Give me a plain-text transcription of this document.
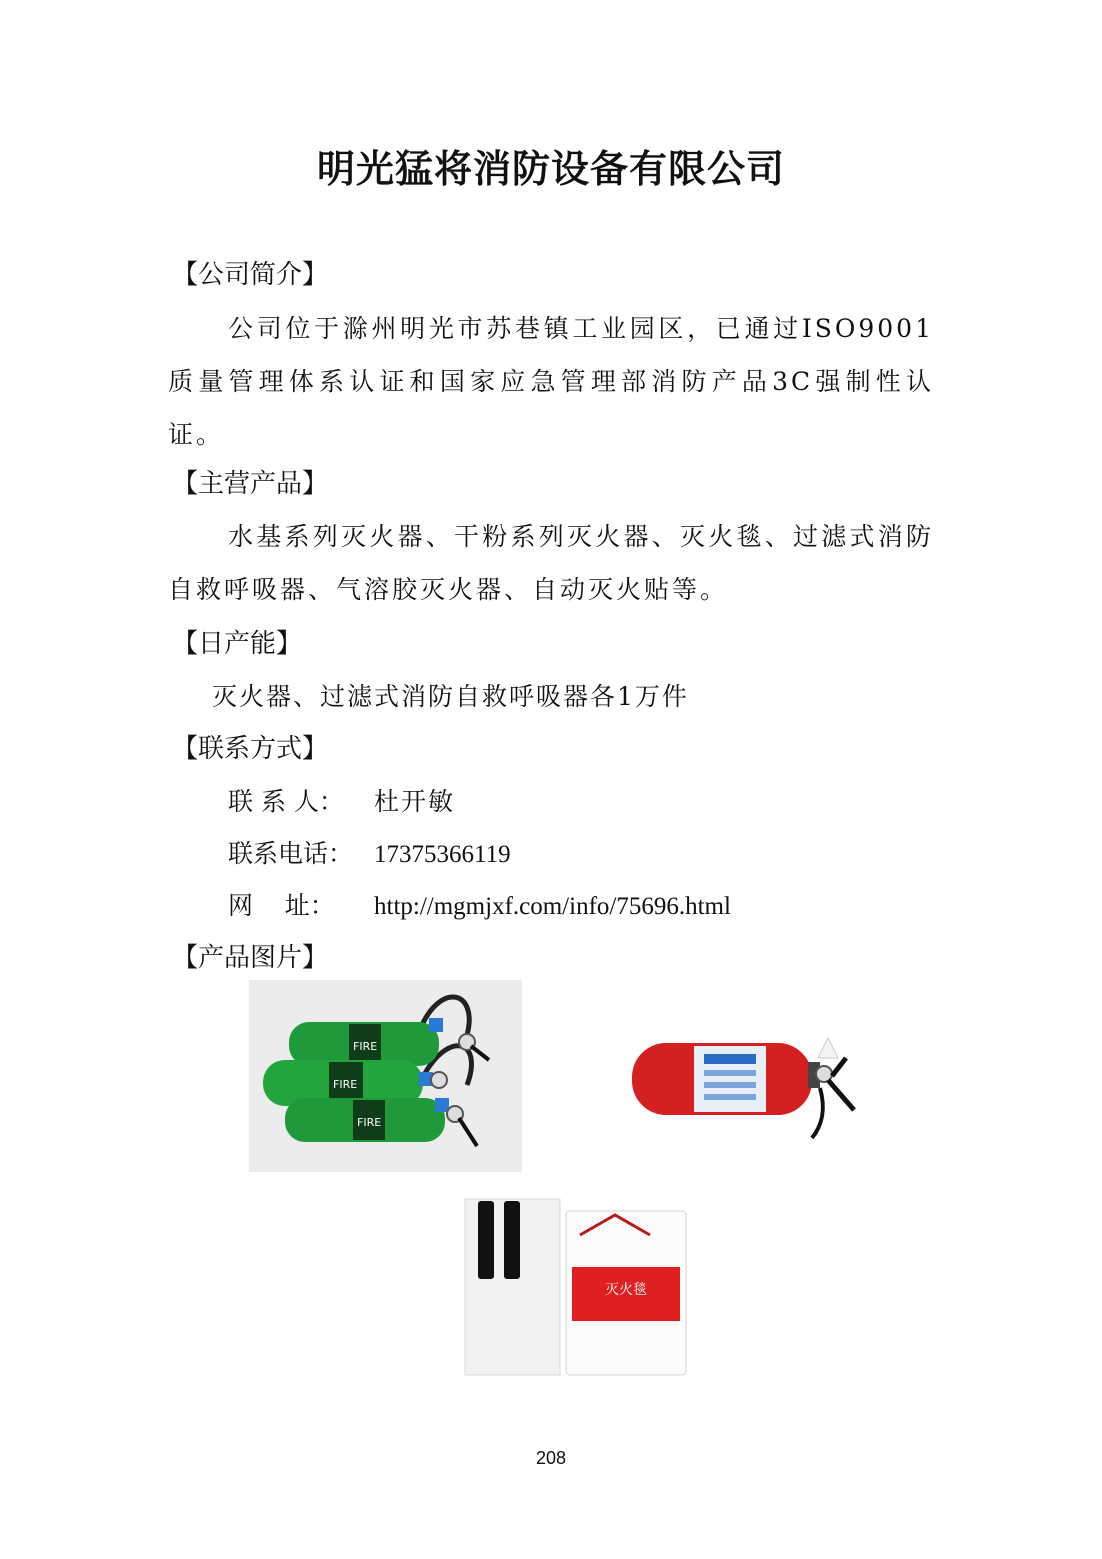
明光猛将消防设备有限公司
【公司简介】
公司位于滁州明光市苏巷镇工业园区，已通过ISO9001质量管理体系认证和国家应急管理部消防产品3C强制性认证。
【主营产品】
水基系列灭火器、干粉系列灭火器、灭火毯、过滤式消防自救呼吸器、气溶胶灭火器、自动灭火贴等。
【日产能】
灭火器、过滤式消防自救呼吸器各1万件
【联系方式】
联 系 人： 杜开敏
联系电话： 17375366119
网    址： http://mgmjxf.com/info/75696.html
【产品图片】
FIRE
FIRE
FIRE
灭火毯
208
